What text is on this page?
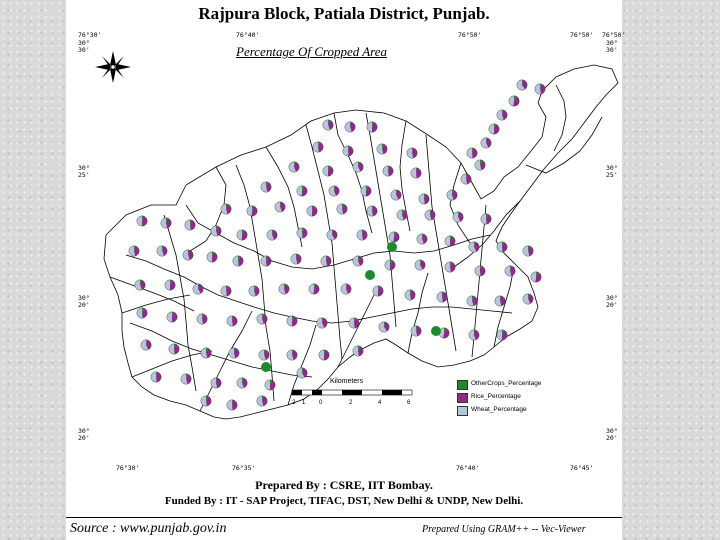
Rajpura Block, Patiala District, Punjab.
Percentage Of Cropped Area
76°30'	76°40'	76°50'	76°50' 76°50'
30°
30'
76°30'	76°35'	76°40'	76°45'
30°
25'
30°
20'
30°
20'
30°
30'
30°
25'
30°
20'
30°
20'
OtherCrops_Percentage
Rice_Percentage
Wheat_Percentage
Kilometers
2 1 0	2	4	6
Prepared By : CSRE, IIT Bombay.
Funded By : IT - SAP Project, TIFAC, DST, New Delhi & UNDP, New Delhi.
Source : www.punjab.gov.in	Prepared Using GRAM++ -- Vec-Viewer
